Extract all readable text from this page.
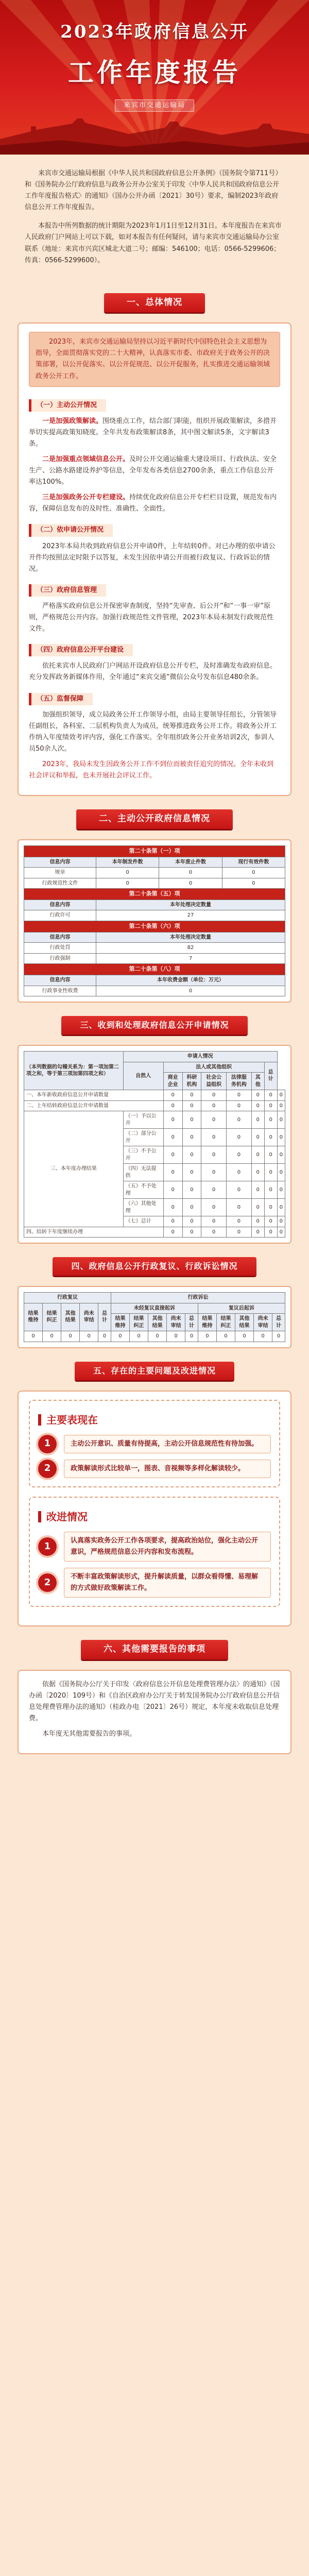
2023年政府信息公开
工作年度报告
来宾市交通运输局

来宾市交通运输局根据《中华人民共和国政府信息公开条例》（国务院令第711号）和《国务院办公厅政府信息与政务公开办公室关于印发〈中华人民共和国政府信息公开工作年度报告格式〉的通知》（国办公开办函〔2021〕30号）要求，编制2023年政府信息公开工作年度报告。

本报告中所列数据的统计期限为2023年1月1日至12月31日。本年度报告在来宾市人民政府门户网站上可以下载，如对本报告有任何疑问，请与来宾市交通运输局办公室联系（地址：来宾市兴宾区城北大道二号；邮编：546100；电话：0566-5299606；传真：0566-5299600）。

一、总体情况
2023年，来宾市交通运输局坚持以习近平新时代中国特色社会主义思想为指导，全面贯彻落实党的二十大精神，认真落实市委、市政府关于政务公开的决策部署，以公开促落实、以公开促规范、以公开促服务，扎实推进交通运输领域政务公开工作。
（一）主动公开情况

一是加强政策解读。围绕重点工作，结合部门职能，组织开展政策解读，多措并举切实提高政策知晓度。全年共发布政策解读8条，其中图文解读5条，文字解读3条。

二是加强重点领域信息公开。及时公开交通运输重大建设项目、行政执法、安全生产、公路水路建设养护等信息，全年发布各类信息2700余条，重点工作信息公开率达100%。

三是加强政务公开专栏建设。持续优化政府信息公开专栏栏目设置，规范发布内容，保障信息发布的及时性、准确性、全面性。

（二）依申请公开情况

2023年本局共收到政府信息公开申请0件，上年结转0件。对已办理的依申请公开件均按照法定时限予以答复，未发生因依申请公开而被行政复议、行政诉讼的情况。

（三）政府信息管理

严格落实政府信息公开保密审查制度，坚持“先审查、后公开”和“一事一审”原则，严格规范公开内容。加强行政规范性文件管理，2023年本局未制发行政规范性文件。

（四）政府信息公开平台建设

依托来宾市人民政府门户网站开设政府信息公开专栏，及时准确发布政府信息。充分发挥政务新媒体作用，全年通过“来宾交通”微信公众号发布信息480余条。

（五）监督保障

加强组织领导，成立局政务公开工作领导小组，由局主要领导任组长，分管领导任副组长，各科室、二层机构负责人为成员，统筹推进政务公开工作。将政务公开工作纳入年度绩效考评内容，强化工作落实。全年组织政务公开业务培训2次，参训人员50余人次。

2023年，我局未发生因政务公开工作不到位而被责任追究的情况。全年未收到社会评议和举报，也未开展社会评议工作。

二、主动公开政府信息情况
第二十条第（一）项			
信息内容	本年制发件数	本年废止件数	现行有效件数
规章	0	0	0
行政规范性文件	0	0	0
第二十条第（五）项			
信息内容	本年处理决定数量		
行政许可	27		
第二十条第（六）项			
信息内容	本年处理决定数量		
行政处罚	82		
行政强制	7		
第二十条第（八）项			
信息内容	本年收费金额（单位：万元）		
行政事业性收费	0		
三、收到和处理政府信息公开申请情况
（本列数据的勾稽关系为：第一项加第二项之和，等于第三项加第四项之和）	申请人情况							
	自然人	法人或其他组织					总计	
		商业企业	科研机构	社会公益组织	法律服务机构	其他		
一、本年新收政府信息公开申请数量		0	0	0	0	0	0	0
二、上年结转政府信息公开申请数量		0	0	0	0	0	0	0
三、本年度办理结果	（一）予以公开	0	0	0	0	0	0	0
	（二）部分公开	0	0	0	0	0	0	0
	（三）不予公开	0	0	0	0	0	0	0
	（四）无法提供	0	0	0	0	0	0	0
	（五）不予处理	0	0	0	0	0	0	0
	（六）其他处理	0	0	0	0	0	0	0
	（七）总计	0	0	0	0	0	0	0
四、结转下年度继续办理		0	0	0	0	0	0	0
四、政府信息公开行政复议、行政诉讼情况
行政复议					行政诉讼									
结果维持	结果纠正	其他结果	尚未审结	总计	未经复议直接起诉					复议后起诉				
					结果维持	结果纠正	其他结果	尚未审结	总计	结果维持	结果纠正	其他结果	尚未审结	总计
0	0	0	0	0	0	0	0	0	0	0	0	0	0	0
五、存在的主要问题及改进情况
主要表现在
1	主动公开意识、质量有待提高，主动公开信息规范性有待加强。
2	政策解读形式比较单一，图表、音视频等多样化解读较少。
改进情况
1
认真落实政务公开工作各项要求，提高政治站位，强化主动公开意识，严格规范信息公开内容和发布流程。
2
不断丰富政策解读形式，提升解读质量，以群众看得懂、易理解的方式做好政策解读工作。
六、其他需要报告的事项

依据《国务院办公厅关于印发〈政府信息公开信息处理费管理办法〉的通知》（国办函〔2020〕109号）和《自治区政府办公厅关于转发国务院办公厅政府信息公开信息处理费管理办法的通知》（桂政办电〔2021〕26号）规定，本年度未收取信息处理费。

本年度无其他需要报告的事项。
